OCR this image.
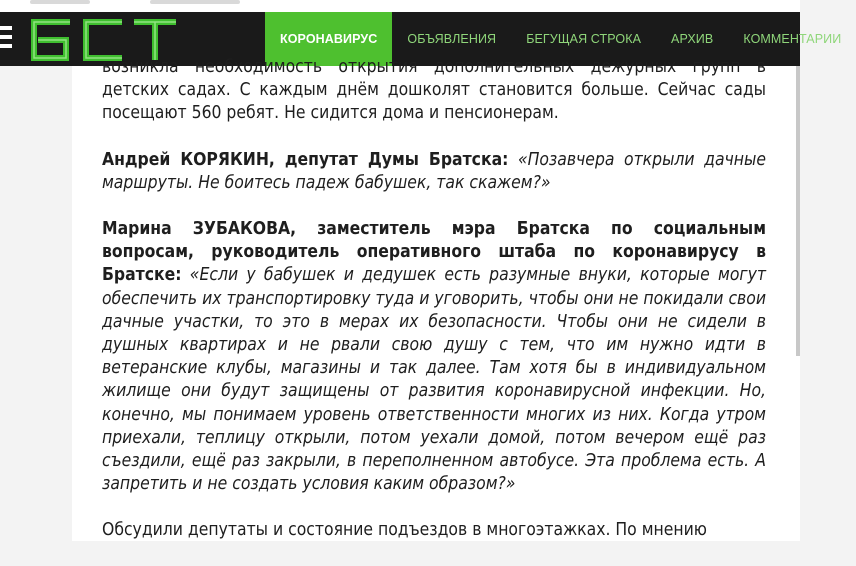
БСТ
КОРОНАВИРУС	ОБЪЯВЛЕНИЯ	БЕГУЩАЯ СТРОКА	АРХИВ	КОММЕНТАРИИ

возникла необходимость открытия дополнительных дежурных групп в детских садах. С каждым днём дошколят становится больше. Сейчас сады посещают 560 ребят. Не сидится дома и пенсионерам.

Андрей КОРЯКИН, депутат Думы Братска: «Позавчера открыли дачные маршруты. Не боитесь падеж бабушек, так скажем?»

Марина ЗУБАКОВА, заместитель мэра Братска по социальным вопросам, руководитель оперативного штаба по коронавирусу в Братске: «Если у бабушек и дедушек есть разумные внуки, которые могут обеспечить их транспортировку туда и уговорить, чтобы они не покидали свои дачные участки, то это в мерах их безопасности. Чтобы они не сидели в душных квартирах и не рвали свою душу с тем, что им нужно идти в ветеранские клубы, магазины и так далее. Там хотя бы в индивидуальном жилище они будут защищены от развития коронавирусной инфекции. Но, конечно, мы понимаем уровень ответственности многих из них. Когда утром приехали, теплицу открыли, потом уехали домой, потом вечером ещё раз съездили, ещё раз закрыли, в переполненном автобусе. Эта проблема есть. А запретить и не создать условия каким образом?»

Обсудили депутаты и состояние подъездов в многоэтажках. По мнению
